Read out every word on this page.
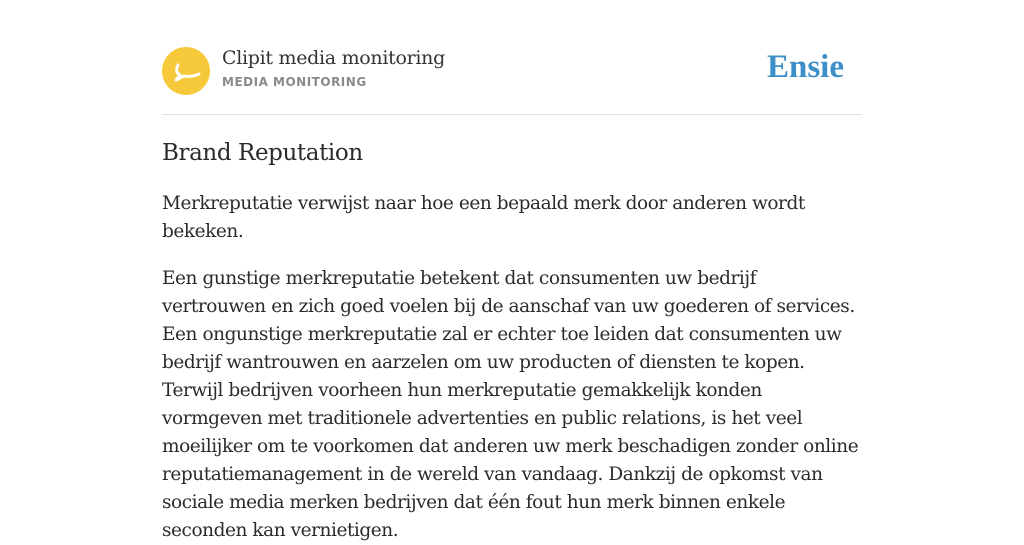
Clipit media monitoring
MEDIA MONITORING	Ensie
Brand Reputation

Merkreputatie verwijst naar hoe een bepaald merk door anderen wordt bekeken.

Een gunstige merkreputatie betekent dat consumenten uw bedrijf vertrouwen en zich goed voelen bij de aanschaf van uw goederen of services. Een ongunstige merkreputatie zal er echter toe leiden dat consumenten uw bedrijf wantrouwen en aarzelen om uw producten of diensten te kopen. Terwijl bedrijven voorheen hun merkreputatie gemakkelijk konden vormgeven met traditionele advertenties en public relations, is het veel moeilijker om te voorkomen dat anderen uw merk beschadigen zonder online reputatiemanagement in de wereld van vandaag. Dankzij de opkomst van sociale media merken bedrijven dat één fout hun merk binnen enkele seconden kan vernietigen.
